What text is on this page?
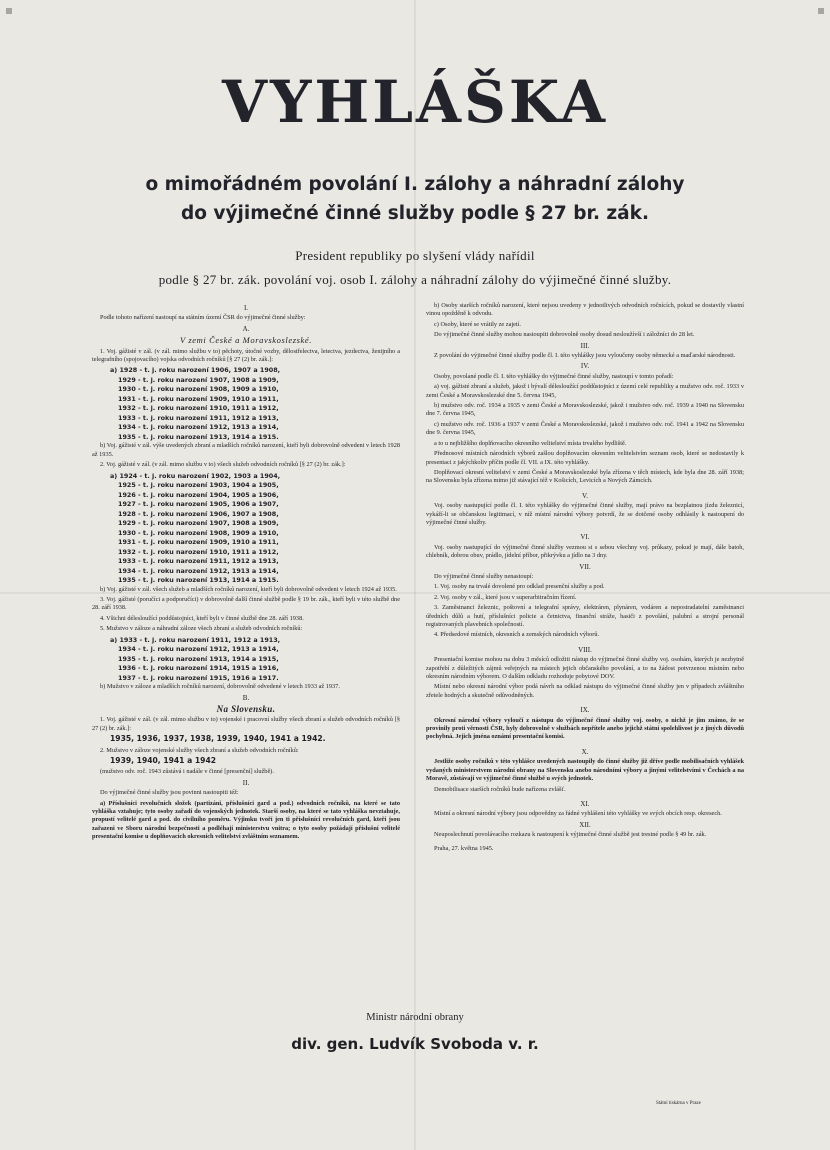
VYHLÁŠKA
o mimořádném povolání I. zálohy a náhradní zálohy
do výjimečné činné služby podle § 27 br. zák.
President republiky po slyšení vlády nařídil
podle § 27 br. zák. povolání voj. osob I. zálohy a náhradní zálohy do výjimečné činné služby.
I.
Podle tohoto nařízení nastoupí na státním území ČSR do výjimečné činné služby:
A.
V zemi České a Moravskoslezské.
1. Voj. gážisté v zál. (v zál. mimo službu v to) pěchoty, útočné vozby, dělostřelectva, letectva, jezdectva, ženijního a telegrafního (spojovacího) vojska odvodních ročníků [§ 27 (2) br. zák.]:
a) 1928 - t. j. roku narození 1906, 1907 a 1908,
1929 - t. j. roku narození 1907, 1908 a 1909,
1930 - t. j. roku narození 1908, 1909 a 1910,
1931 - t. j. roku narození 1909, 1910 a 1911,
1932 - t. j. roku narození 1910, 1911 a 1912,
1933 - t. j. roku narození 1911, 1912 a 1913,
1934 - t. j. roku narození 1912, 1913 a 1914,
1935 - t. j. roku narození 1913, 1914 a 1915.
b) Voj. gážisté v zál. výše uvedených zbraní a mladších ročníků narození, kteří byli dobrovolně odvedeni v letech 1928 až 1935.
2. Voj. gážisté v zál. (v zál. mimo službu v to) všech služeb odvodních ročníků [§ 27 (2) br. zák.]:
a) 1924 - t. j. roku narození 1902, 1903 a 1904,
1925 - t. j. roku narození 1903, 1904 a 1905,
1926 - t. j. roku narození 1904, 1905 a 1906,
1927 - t. j. roku narození 1905, 1906 a 1907,
1928 - t. j. roku narození 1906, 1907 a 1908,
1929 - t. j. roku narození 1907, 1908 a 1909,
1930 - t. j. roku narození 1908, 1909 a 1910,
1931 - t. j. roku narození 1909, 1910 a 1911,
1932 - t. j. roku narození 1910, 1911 a 1912,
1933 - t. j. roku narození 1911, 1912 a 1913,
1934 - t. j. roku narození 1912, 1913 a 1914,
1935 - t. j. roku narození 1913, 1914 a 1915.
b) Voj. gážisté v zál. všech služeb a mladších ročníků narození, kteří byli dobrovolně odvedeni v letech 1924 až 1935.
3. Voj. gážisté (poručíci a podporučíci) v dobrovolně další činné službě podle § 19 br. zák., kteří byli v této službě dne 28. září 1938.
4. Všichni délesloužící poddůstojníci, kteří byli v činné službě dne 28. září 1938.
5. Mužstvo v záloze a náhradní záloze všech zbraní a služeb odvodních ročníků:
a) 1933 - t. j. roku narození 1911, 1912 a 1913,
1934 - t. j. roku narození 1912, 1913 a 1914,
1935 - t. j. roku narození 1913, 1914 a 1915,
1936 - t. j. roku narození 1914, 1915 a 1916,
1937 - t. j. roku narození 1915, 1916 a 1917.
b) Mužstvo v záloze a mladších ročníků narození, dobrovolně odvedené v letech 1933 až 1937.
B.
Na Slovensku.
1. Voj. gážisté v zál. (v zál. mimo službu v to) vojenské i pracovní služby všech zbraní a služeb odvodních ročníků [§ 27 (2) br. zák.]:
1935, 1936, 1937, 1938, 1939, 1940, 1941 a 1942.
2. Mužstvo v záloze vojenské služby všech zbraní a služeb odvodních ročníků:
1939, 1940, 1941 a 1942
(mužstvo odv. roč. 1943 zůstává i nadále v činné [presenční] službě).
II.
Do výjimečné činné služby jsou povinni nastoupiti též:
a) Příslušníci revolučních složek (partizáni, příslušníci gard a pod.) odvodních ročníků, na které se tato vyhláška vztahuje; tyto osoby zařadí do vojenských jednotek. Starší osoby, na které se tato vyhláška nevztahuje, propustí velitelé gard a pod. do civilního poměru. Výjimku tvoří jen ti příslušníci revolučních gard, kteří jsou zařazeni ve Sboru národní bezpečnosti a podléhají ministerstvu vnitra; o tyto osoby požádají příslušní velitelé presentační komise u doplňovacích okresních velitelství zvláštním seznamem.
b) Osoby starších ročníků narození, které nejsou uvedeny v jednotlivých odvodních ročnících, pokud se dostavily vlastní vinou opožděně k odvodu.
c) Osoby, které se vrátily ze zajetí.
Do výjimečné činné služby mohou nastoupiti dobrovolně osoby dosud nesloužívší i záložníci do 28 let.
III.
Z povolání do výjimečné činné služby podle čl. I. této vyhlášky jsou vyloučeny osoby německé a maďarské národnosti.
IV.
Osoby, povolané podle čl. I. této vyhlášky do výjimečné činné služby, nastoupí v tomto pořadí:
a) voj. gážisté zbraní a služeb, jakož i bývalí délesloužící poddůstojníci z území celé republiky a mužstvo odv. roč. 1933 v zemi České a Moravskoslezské dne 5. června 1945,
b) mužstvo odv. roč. 1934 a 1935 v zemi České a Moravskoslezské, jakož i mužstvo odv. roč. 1939 a 1940 na Slovensku dne 7. června 1945,
c) mužstvo odv. roč. 1936 a 1937 v zemi České a Moravskoslezské, jakož i mužstvo odv. roč. 1941 a 1942 na Slovensku dne 9. června 1945,
a to u nejbližšího doplňovacího okresního velitelství místa trvalého bydliště.
Přednosové místních národních výborů zašlou doplňovacím okresním velitelstvím seznam osob, které se nedostavily k presentaci z jakýchkoliv příčin podle čl. VII. a IX. této vyhlášky.
Doplňovací okresní velitelství v zemi České a Moravskoslezské byla zřízena v těch místech, kde byla dne 28. září 1938; na Slovensku byla zřízena mimo již stávající též v Košicích, Levicích a Nových Zámcích.
V.
Voj. osoby nastupující podle čl. I. této vyhlášky do výjimečné činné služby, mají právo na bezplatnou jízdu železnicí, vykáží-li se občanskou legitimací, v níž místní národní výbory potvrdí, že se dotčené osoby odhlásily k nastoupení do výjimečné činné služby.
VI.
Voj. osoby nastupující do výjimečné činné služby vezmou si s sebou všechny voj. průkazy, pokud je mají, dále batoh, chlebník, dobrou obuv, prádlo, jídelní příbor, přikrývku a jídlo na 3 dny.
VII.
Do výjimečné činné služby nenastoupí:
1. Voj. osoby na trvalé dovolené pro odklad presenční služby a pod.
2. Voj. osoby v zál., které jsou v superarbitračním řízení.
3. Zaměstnanci železnic, poštovní a telegrafní správy, elektráren, plynáren, vodáren a nepostradatelní zaměstnanci úředních důlů a hutí, příslušníci policie a četnictva, finanční stráže, hasiči z povolání, palubní a strojní personál registrovaných plavebních společností.
4. Předsedové místních, okresních a zemských národních výborů.
VIII.
Presentační komise mohou na dobu 3 měsíců odložiti nástup do výjimečné činné služby voj. osobám, kterých je nezbytně zapotřebí z důležitých zájmů veřejných na místech jejich občanského povolání, a to na žádost potvrzenou místním nebo okresním národním výborem. O dalším odkladu rozhoduje pobytové DOV.
Místní nebo okresní národní výbor podá návrh na odklad nástupu do výjimečné činné služby jen v případech zvláštního zřetele hodných a skutečně odůvodněných.
IX.
Okresní národní výbory vyloučí z nástupu do výjimečné činné služby voj. osoby, o nichž je jim známo, že se provinily proti věrnosti ČSR, hyly dobrovolně v službách nepřítele anebo jejichž státní spolehlivost je z jiných důvodů pochybná. Jejich jména oznámí presentační komisi.
X.
Jestliže osoby ročníků v této vyhlášce uvedených nastoupily do činné služby již dříve podle mobilisačních vyhlášek vydaných ministerstvem národní obrany na Slovensku anebo národními výbory a jinými velitelstvími v Čechách a na Moravě, zůstávají ve výjimečné činné službě u svých jednotek.
Demobilisace starších ročníků bude nařízena zvlášť.
XI.
Místní a okresní národní výbory jsou odpovědny za řádné vyhlášení této vyhlášky ve svých obcích resp. okresech.
XII.
Neuposlechnutí povolávacího rozkazu k nastoupení k výjimečné činné službě jest trestné podle § 49 br. zák.
Praha, 27. května 1945.
Ministr národní obrany
div. gen. Ludvík Svoboda v. r.
Státní tiskárna v Praze
